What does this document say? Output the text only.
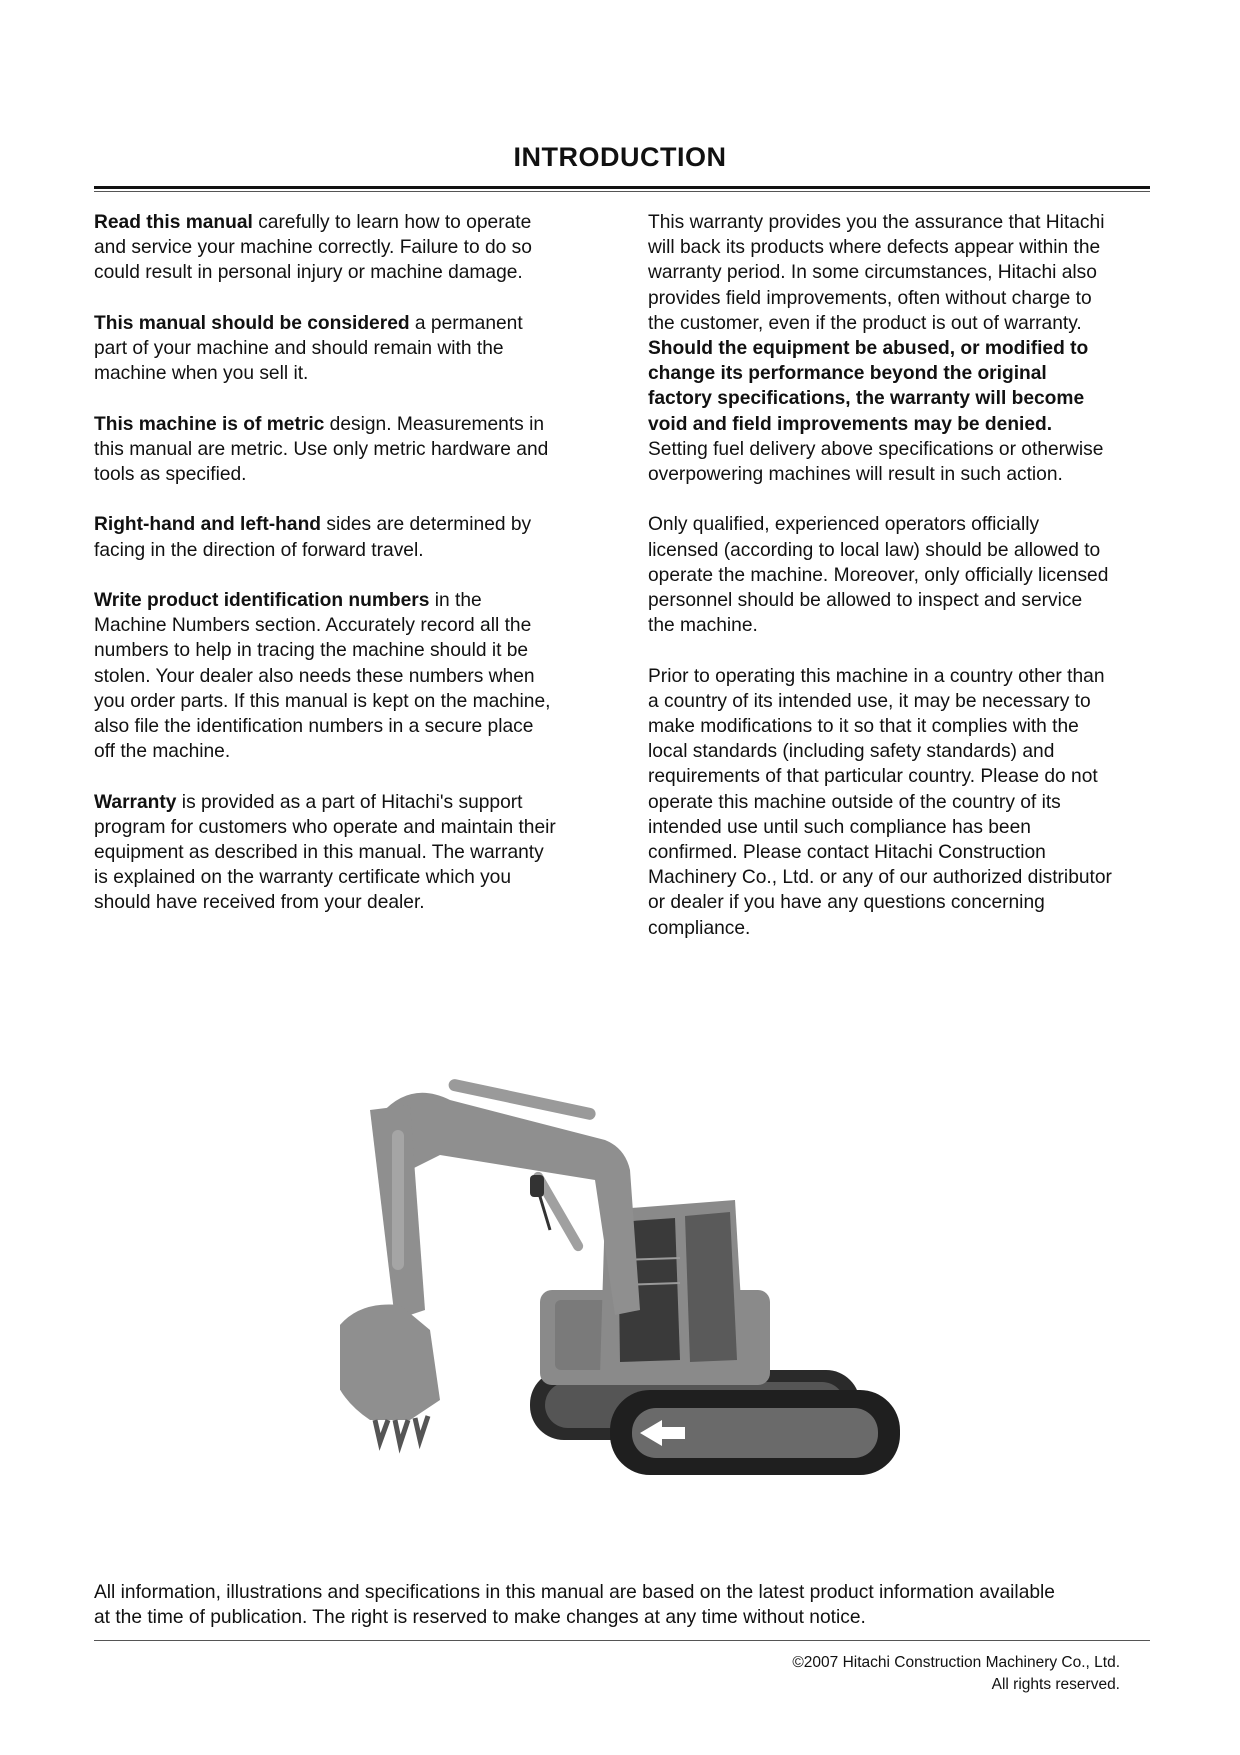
INTRODUCTION

Read this manual carefully to learn how to operate
and service your machine correctly. Failure to do so
could result in personal injury or machine damage.

This manual should be considered a permanent
part of your machine and should remain with the
machine when you sell it.

This machine is of metric design. Measurements in
this manual are metric. Use only metric hardware and
tools as specified.

Right-hand and left-hand sides are determined by
facing in the direction of forward travel.

Write product identification numbers in the
Machine Numbers section. Accurately record all the
numbers to help in tracing the machine should it be
stolen. Your dealer also needs these numbers when
you order parts. If this manual is kept on the machine,
also file the identification numbers in a secure place
off the machine.

Warranty is provided as a part of Hitachi's support
program for customers who operate and maintain their
equipment as described in this manual. The warranty
is explained on the warranty certificate which you
should have received from your dealer.

This warranty provides you the assurance that Hitachi
will back its products where defects appear within the
warranty period. In some circumstances, Hitachi also
provides field improvements, often without charge to
the customer, even if the product is out of warranty.
Should the equipment be abused, or modified to
change its performance beyond the original
factory specifications, the warranty will become
void and field improvements may be denied.
Setting fuel delivery above specifications or otherwise
overpowering machines will result in such action.

Only qualified, experienced operators officially
licensed (according to local law) should be allowed to
operate the machine. Moreover, only officially licensed
personnel should be allowed to inspect and service
the machine.

Prior to operating this machine in a country other than
a country of its intended use, it may be necessary to
make modifications to it so that it complies with the
local standards (including safety standards) and
requirements of that particular country. Please do not
operate this machine outside of the country of its
intended use until such compliance has been
confirmed. Please contact Hitachi Construction
Machinery Co., Ltd. or any of our authorized distributor
or dealer if you have any questions concerning
compliance.

All information, illustrations and specifications in this manual are based on the latest product information available
at the time of publication. The right is reserved to make changes at any time without notice.
©2007 Hitachi Construction Machinery Co., Ltd.
All rights reserved.
